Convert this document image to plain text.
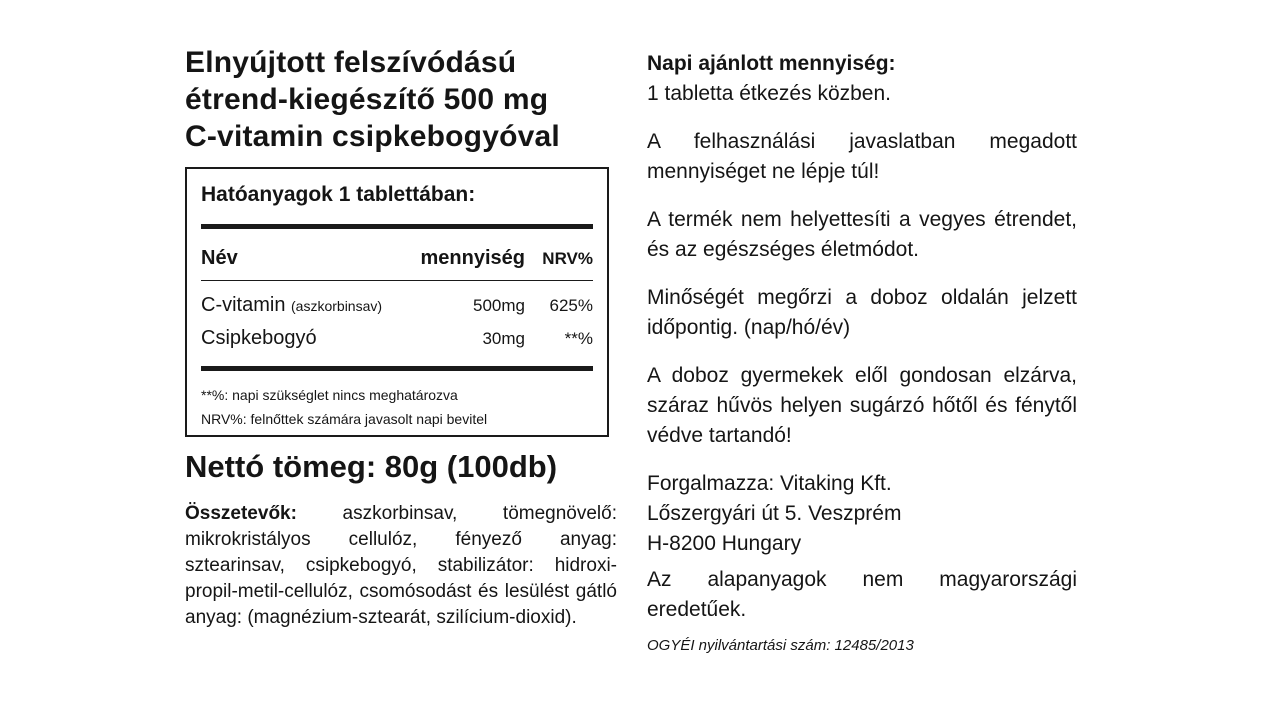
Elnyújtott felszívódású
étrend-kiegészítő 500 mg
C-vitamin csipkebogyóval
Hatóanyagok 1 tablettában:
Név	mennyiség	NRV%
C-vitamin (aszkorbinsav)	500mg	625%
Csipkebogyó	30mg	**%
**%: napi szükséglet nincs meghatározva
NRV%: felnőttek számára javasolt napi bevitel
Nettó tömeg: 80g (100db)
Összetevők: aszkorbinsav, tömegnövelő: mikrokristályos cellulóz, fényező anyag: sztearinsav, csipkebogyó, stabilizátor: hidroxi-propil-metil-cellulóz, csomósodást és lesülést gátló anyag: (magnézium-sztearát, szilícium-dioxid).

Napi ajánlott mennyiség:
1 tabletta étkezés közben.

A felhasználási javaslatban megadott mennyiséget ne lépje túl!

A termék nem helyettesíti a vegyes étrendet, és az egészséges életmódot.

Minőségét megőrzi a doboz oldalán jelzett időpontig. (nap/hó/év)

A doboz gyermekek elől gondosan elzárva, száraz hűvös helyen sugárzó hőtől és fénytől védve tartandó!

Forgalmazza: Vitaking Kft.
Lőszergyári út 5. Veszprém
H-8200 Hungary

Az alapanyagok nem magyarországi eredetűek.

OGYÉI nyilvántartási szám: 12485/2013
